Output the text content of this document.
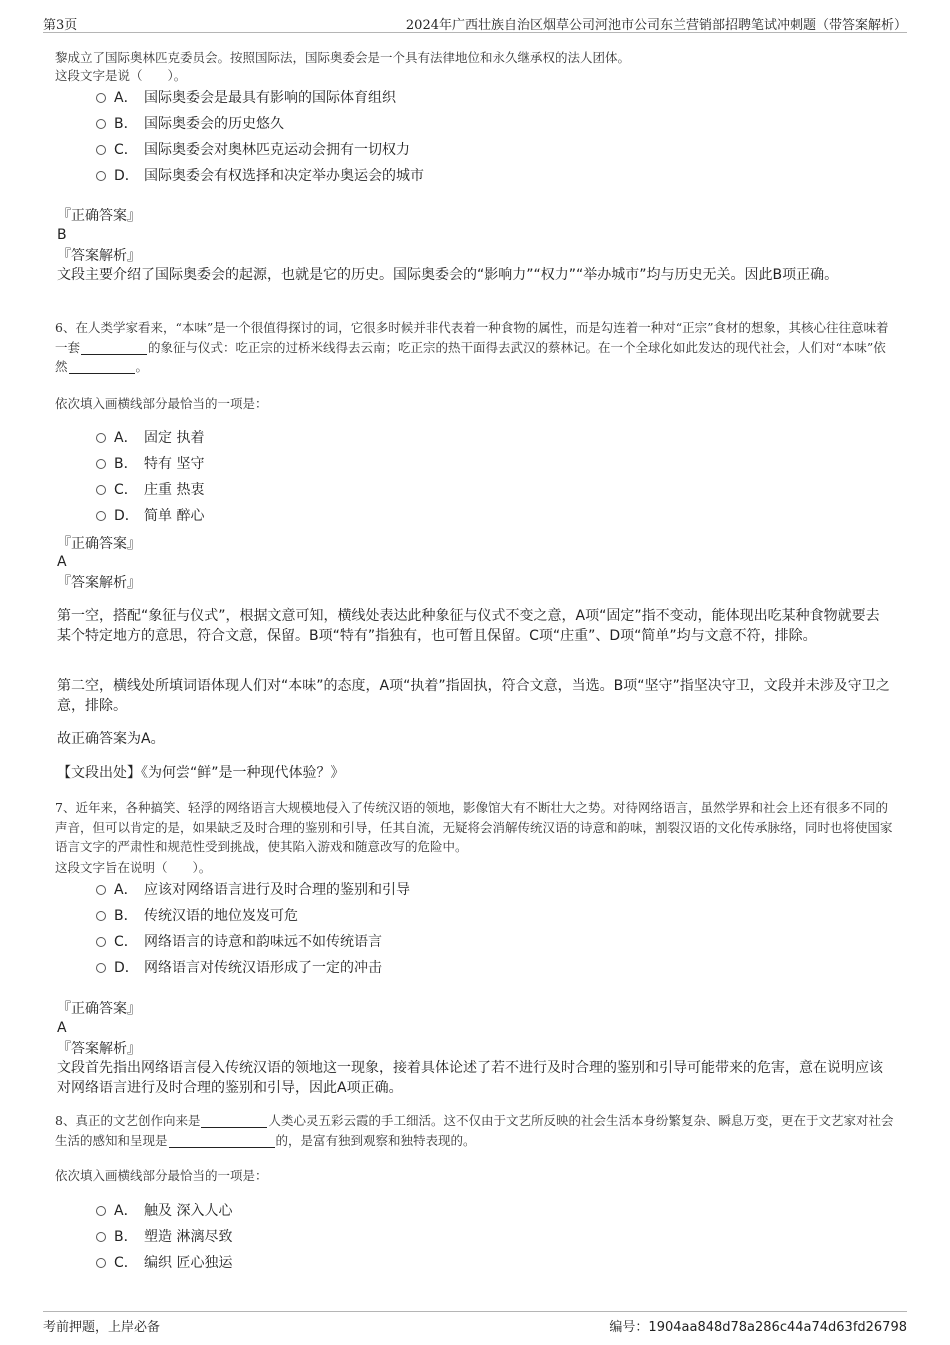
第3页	2024年广西壮族自治区烟草公司河池市公司东兰营销部招聘笔试冲刺题（带答案解析）

黎成立了国际奥林匹克委员会。按照国际法，国际奥委会是一个具有法律地位和永久继承权的法人团体。

这段文字是说（　　）。

A． 国际奥委会是最具有影响的国际体育组织
B． 国际奥委会的历史悠久
C． 国际奥委会对奥林匹克运动会拥有一切权力
D． 国际奥委会有权选择和决定举办奥运会的城市

『正确答案』

B

『答案解析』

文段主要介绍了国际奥委会的起源，也就是它的历史。国际奥委会的“影响力”“权力”“举办城市”均与历史无关。因此B项正确。

6、在人类学家看来，“本味”是一个很值得探讨的词，它很多时候并非代表着一种食物的属性，而是勾连着一种对“正宗”食材的想象，其核心往往意味着一套	的象征与仪式：吃正宗的过桥米线得去云南；吃正宗的热干面得去武汉的蔡林记。在一个全球化如此发达的现代社会，人们对“本味”依然	。

依次填入画横线部分最恰当的一项是：

A． 固定 执着
B． 特有 坚守
C． 庄重 热衷
D． 简单 醉心

『正确答案』

A

『答案解析』

第一空，搭配“象征与仪式”，根据文意可知，横线处表达此种象征与仪式不变之意，A项“固定”指不变动，能体现出吃某种食物就要去某个特定地方的意思，符合文意，保留。B项“特有”指独有，也可暂且保留。C项“庄重”、D项“简单”均与文意不符，排除。

第二空，横线处所填词语体现人们对“本味”的态度，A项“执着”指固执，符合文意，当选。B项“坚守”指坚决守卫，文段并未涉及守卫之意，排除。

故正确答案为A。

【文段出处】《为何尝“鲜”是一种现代体验？》

7、近年来，各种搞笑、轻浮的网络语言大规模地侵入了传统汉语的领地，影像馆大有不断壮大之势。对待网络语言，虽然学界和社会上还有很多不同的声音，但可以肯定的是，如果缺乏及时合理的鉴别和引导，任其自流，无疑将会消解传统汉语的诗意和韵味，割裂汉语的文化传承脉络，同时也将使国家语言文字的严肃性和规范性受到挑战，使其陷入游戏和随意改写的危险中。

这段文字旨在说明（　　）。

A． 应该对网络语言进行及时合理的鉴别和引导
B． 传统汉语的地位岌岌可危
C． 网络语言的诗意和韵味远不如传统语言
D． 网络语言对传统汉语形成了一定的冲击

『正确答案』

A

『答案解析』

文段首先指出网络语言侵入传统汉语的领地这一现象，接着具体论述了若不进行及时合理的鉴别和引导可能带来的危害，意在说明应该对网络语言进行及时合理的鉴别和引导，因此A项正确。

8、真正的文艺创作向来是	人类心灵五彩云霞的手工细活。这不仅由于文艺所反映的社会生活本身纷繁复杂、瞬息万变，更在于文艺家对社会生活的感知和呈现是	的，是富有独到观察和独特表现的。

依次填入画横线部分最恰当的一项是：

A． 触及 深入人心
B． 塑造 淋漓尽致
C． 编织 匠心独运
考前押题，上岸必备	编号：1904aa848d78a286c44a74d63fd26798
